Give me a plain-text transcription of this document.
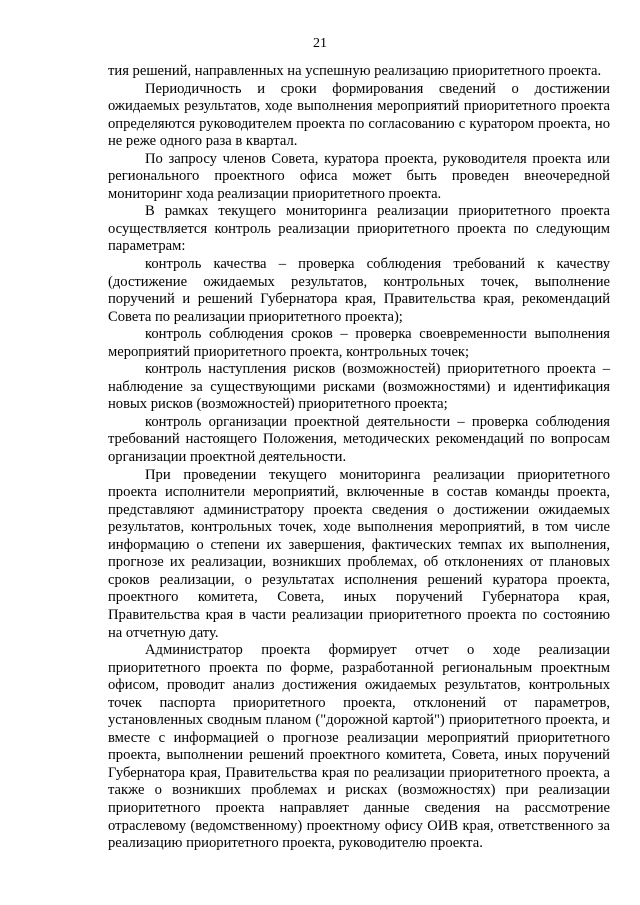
21

тия решений, направленных на успешную реализацию приоритетного проекта.

Периодичность и сроки формирования сведений о достижении ожидаемых результатов, ходе выполнения мероприятий приоритетного проекта определяются руководителем проекта по согласованию с куратором проекта, но не реже одного раза в квартал.

По запросу членов Совета, куратора проекта, руководителя проекта или регионального проектного офиса может быть проведен внеочередной мониторинг хода реализации приоритетного проекта.

В рамках текущего мониторинга реализации приоритетного проекта осуществляется контроль реализации приоритетного проекта по следующим параметрам:

контроль качества – проверка соблюдения требований к качеству (достижение ожидаемых результатов, контрольных точек, выполнение поручений и решений Губернатора края, Правительства края, рекомендаций Совета по реализации приоритетного проекта);

контроль соблюдения сроков – проверка своевременности выполнения мероприятий приоритетного проекта, контрольных точек;

контроль наступления рисков (возможностей) приоритетного проекта – наблюдение за существующими рисками (возможностями) и идентификация новых рисков (возможностей) приоритетного проекта;

контроль организации проектной деятельности – проверка соблюдения требований настоящего Положения, методических рекомендаций по вопросам организации проектной деятельности.

При проведении текущего мониторинга реализации приоритетного проекта исполнители мероприятий, включенные в состав команды проекта, представляют администратору проекта сведения о достижении ожидаемых результатов, контрольных точек, ходе выполнения мероприятий, в том числе информацию о степени их завершения, фактических темпах их выполнения, прогнозе их реализации, возникших проблемах, об отклонениях от плановых сроков реализации, о результатах исполнения решений куратора проекта, проектного комитета, Совета, иных поручений Губернатора края, Правительства края в части реализации приоритетного проекта по состоянию на отчетную дату.

Администратор проекта формирует отчет о ходе реализации приоритетного проекта по форме, разработанной региональным проектным офисом, проводит анализ достижения ожидаемых результатов, контрольных точек паспорта приоритетного проекта, отклонений от параметров, установленных сводным планом ("дорожной картой") приоритетного проекта, и вместе с информацией о прогнозе реализации мероприятий приоритетного проекта, выполнении решений проектного комитета, Совета, иных поручений Губернатора края, Правительства края по реализации приоритетного проекта, а также о возникших проблемах и рисках (возможностях) при реализации приоритетного проекта направляет данные сведения на рассмотрение отраслевому (ведомственному) проектному офису ОИВ края, ответственного за реализацию приоритетного проекта, руководителю проекта.
